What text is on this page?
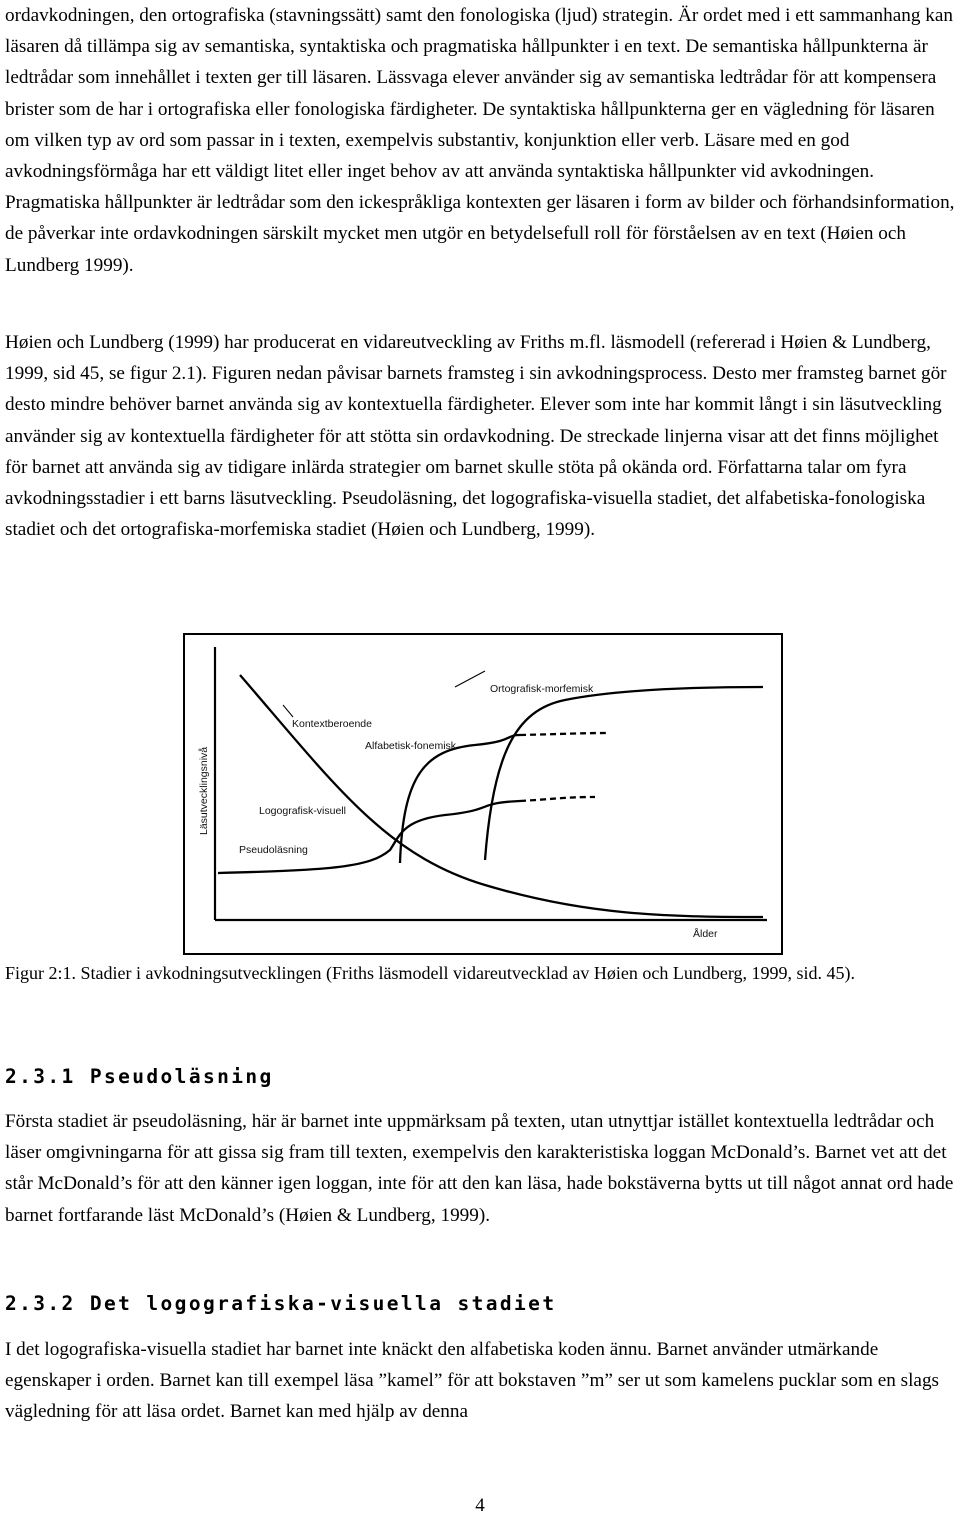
ordavkodningen, den ortografiska (stavningssätt) samt den fonologiska (ljud) strategin. Är ordet med i ett sammanhang kan läsaren då tillämpa sig av semantiska, syntaktiska och pragmatiska hållpunkter i en text. De semantiska hållpunkterna är ledtrådar som innehållet i texten ger till läsaren. Lässvaga elever använder sig av semantiska ledtrådar för att kompensera brister som de har i ortografiska eller fonologiska färdigheter. De syntaktiska hållpunkterna ger en vägledning för läsaren om vilken typ av ord som passar in i texten, exempelvis substantiv, konjunktion eller verb. Läsare med en god avkodningsförmåga har ett väldigt litet eller inget behov av att använda syntaktiska hållpunkter vid avkodningen. Pragmatiska hållpunkter är ledtrådar som den ickespråkliga kontexten ger läsaren i form av bilder och förhandsinformation, de påverkar inte ordavkodningen särskilt mycket men utgör en betydelsefull roll för förståelsen av en text (Høien och Lundberg 1999).

Høien och Lundberg (1999) har producerat en vidareutveckling av Friths m.fl. läsmodell (refererad i Høien & Lundberg, 1999, sid 45, se figur 2.1). Figuren nedan påvisar barnets framsteg i sin avkodningsprocess. Desto mer framsteg barnet gör desto mindre behöver barnet använda sig av kontextuella färdigheter. Elever som inte har kommit långt i sin läsutveckling använder sig av kontextuella färdigheter för att stötta sin ordavkodning. De streckade linjerna visar att det finns möjlighet för barnet att använda sig av tidigare inlärda strategier om barnet skulle stöta på okända ord. Författarna talar om fyra avkodningsstadier i ett barns läsutveckling. Pseudoläsning, det logografiska-visuella stadiet, det alfabetiska-fonologiska stadiet och det ortografiska-morfemiska stadiet (Høien och Lundberg, 1999).

Ortografisk-morfemisk
Kontextberoende
Alfabetisk-fonemisk
Logografisk-visuell
Pseudoläsning
Läsutvecklingsnivå
Ålder

Figur 2:1. Stadier i avkodningsutvecklingen (Friths läsmodell vidareutvecklad av Høien och Lundberg, 1999, sid. 45).

2.3.1 Pseudoläsning

Första stadiet är pseudoläsning, här är barnet inte uppmärksam på texten, utan utnyttjar istället kontextuella ledtrådar och läser omgivningarna för att gissa sig fram till texten, exempelvis den karakteristiska loggan McDonald’s. Barnet vet att det står McDonald’s för att den känner igen loggan, inte för att den kan läsa, hade bokstäverna bytts ut till något annat ord hade barnet fortfarande läst McDonald’s (Høien & Lundberg, 1999).

2.3.2 Det logografiska-visuella stadiet

I det logografiska-visuella stadiet har barnet inte knäckt den alfabetiska koden ännu. Barnet använder utmärkande egenskaper i orden. Barnet kan till exempel läsa ”kamel” för att bokstaven ”m” ser ut som kamelens pucklar som en slags vägledning för att läsa ordet. Barnet kan med hjälp av denna

4
